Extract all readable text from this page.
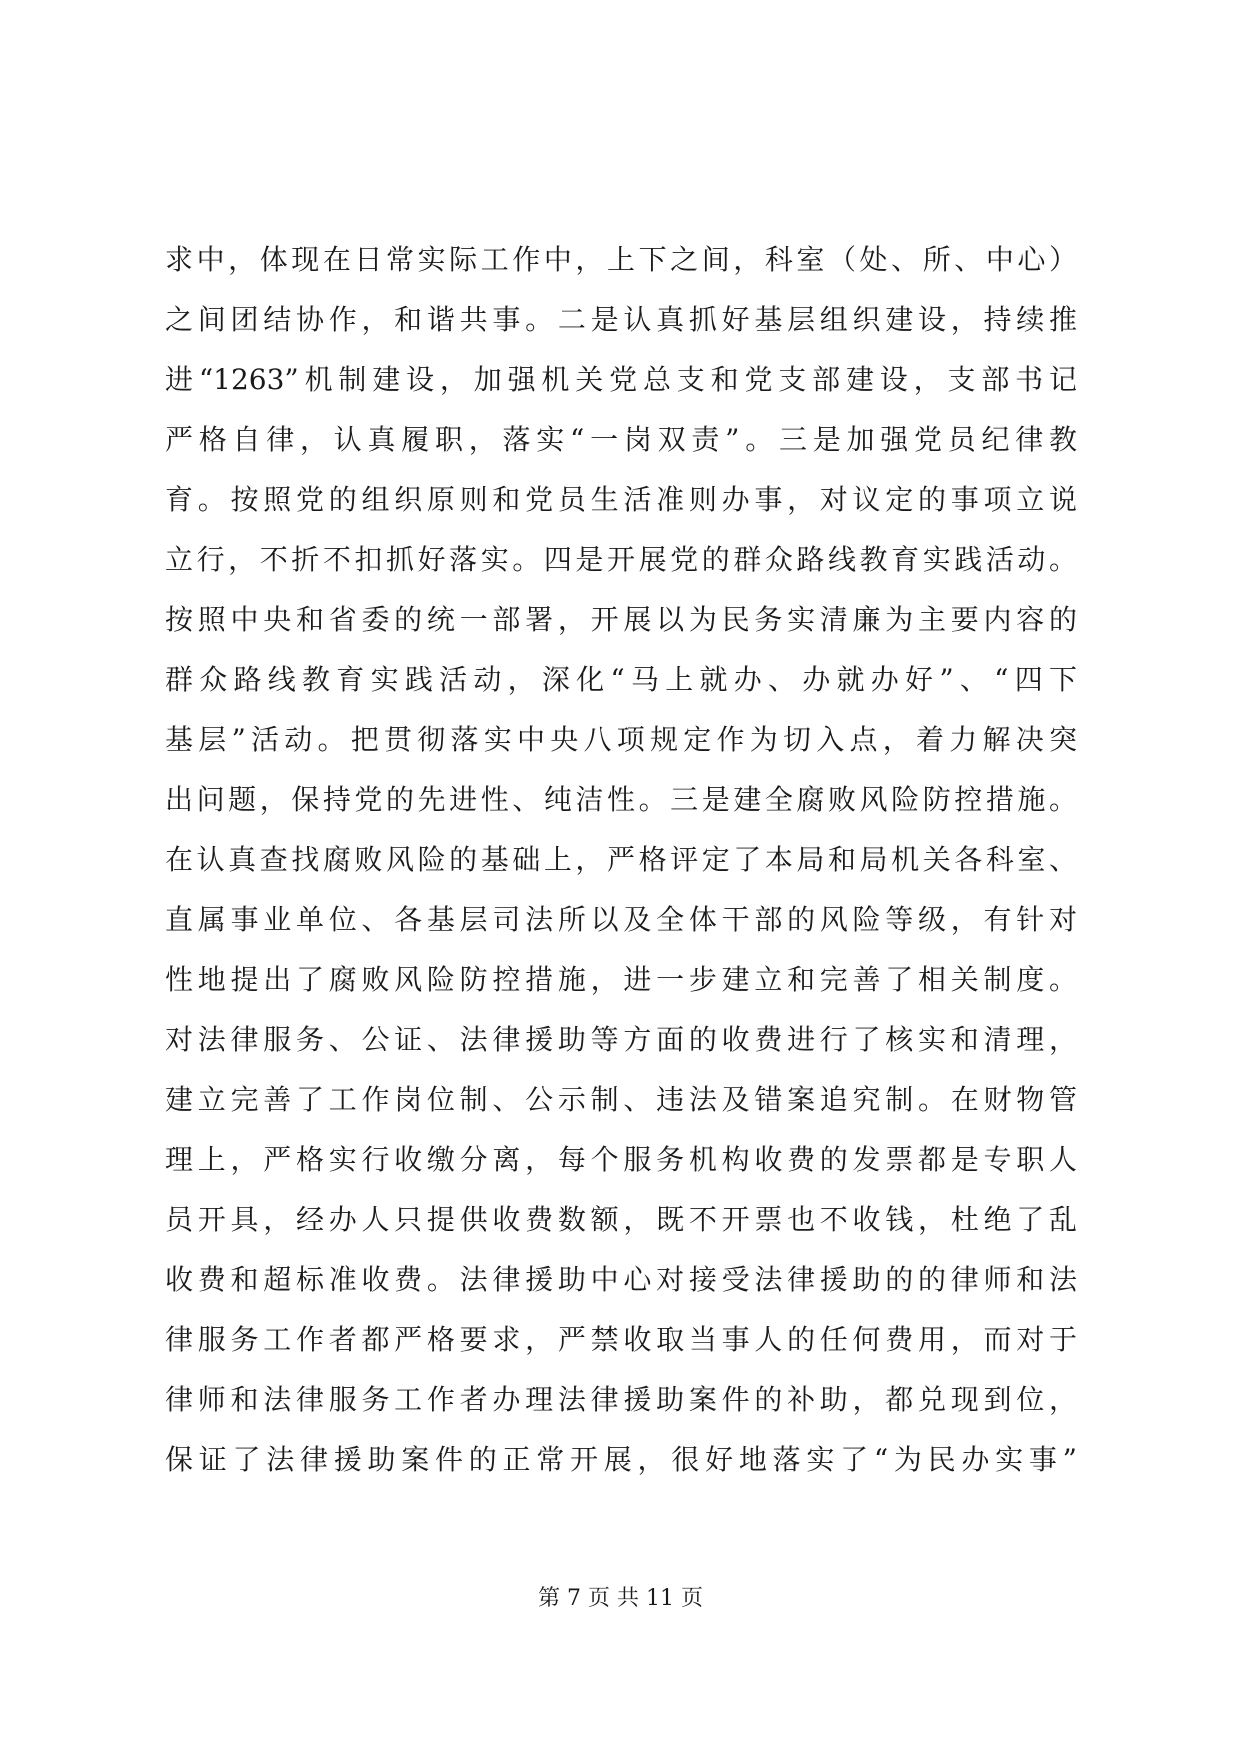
求中，体现在日常实际工作中，上下之间，科室（处、所、中心）
之间团结协作，和谐共事。二是认真抓好基层组织建设，持续推
进“1263”机制建设，加强机关党总支和党支部建设，支部书记
严格自律，认真履职，落实“一岗双责”。三是加强党员纪律教
育。按照党的组织原则和党员生活准则办事，对议定的事项立说
立行，不折不扣抓好落实。四是开展党的群众路线教育实践活动。
按照中央和省委的统一部署，开展以为民务实清廉为主要内容的
群众路线教育实践活动，深化“马上就办、办就办好”、“四下
基层”活动。把贯彻落实中央八项规定作为切入点，着力解决突
出问题，保持党的先进性、纯洁性。三是建全腐败风险防控措施。
在认真查找腐败风险的基础上，严格评定了本局和局机关各科室、
直属事业单位、各基层司法所以及全体干部的风险等级，有针对
性地提出了腐败风险防控措施，进一步建立和完善了相关制度。
对法律服务、公证、法律援助等方面的收费进行了核实和清理，
建立完善了工作岗位制、公示制、违法及错案追究制。在财物管
理上，严格实行收缴分离，每个服务机构收费的发票都是专职人
员开具，经办人只提供收费数额，既不开票也不收钱，杜绝了乱
收费和超标准收费。法律援助中心对接受法律援助的的律师和法
律服务工作者都严格要求，严禁收取当事人的任何费用，而对于
律师和法律服务工作者办理法律援助案件的补助，都兑现到位，
保证了法律援助案件的正常开展，很好地落实了“为民办实事”
第 7 页 共 11 页
